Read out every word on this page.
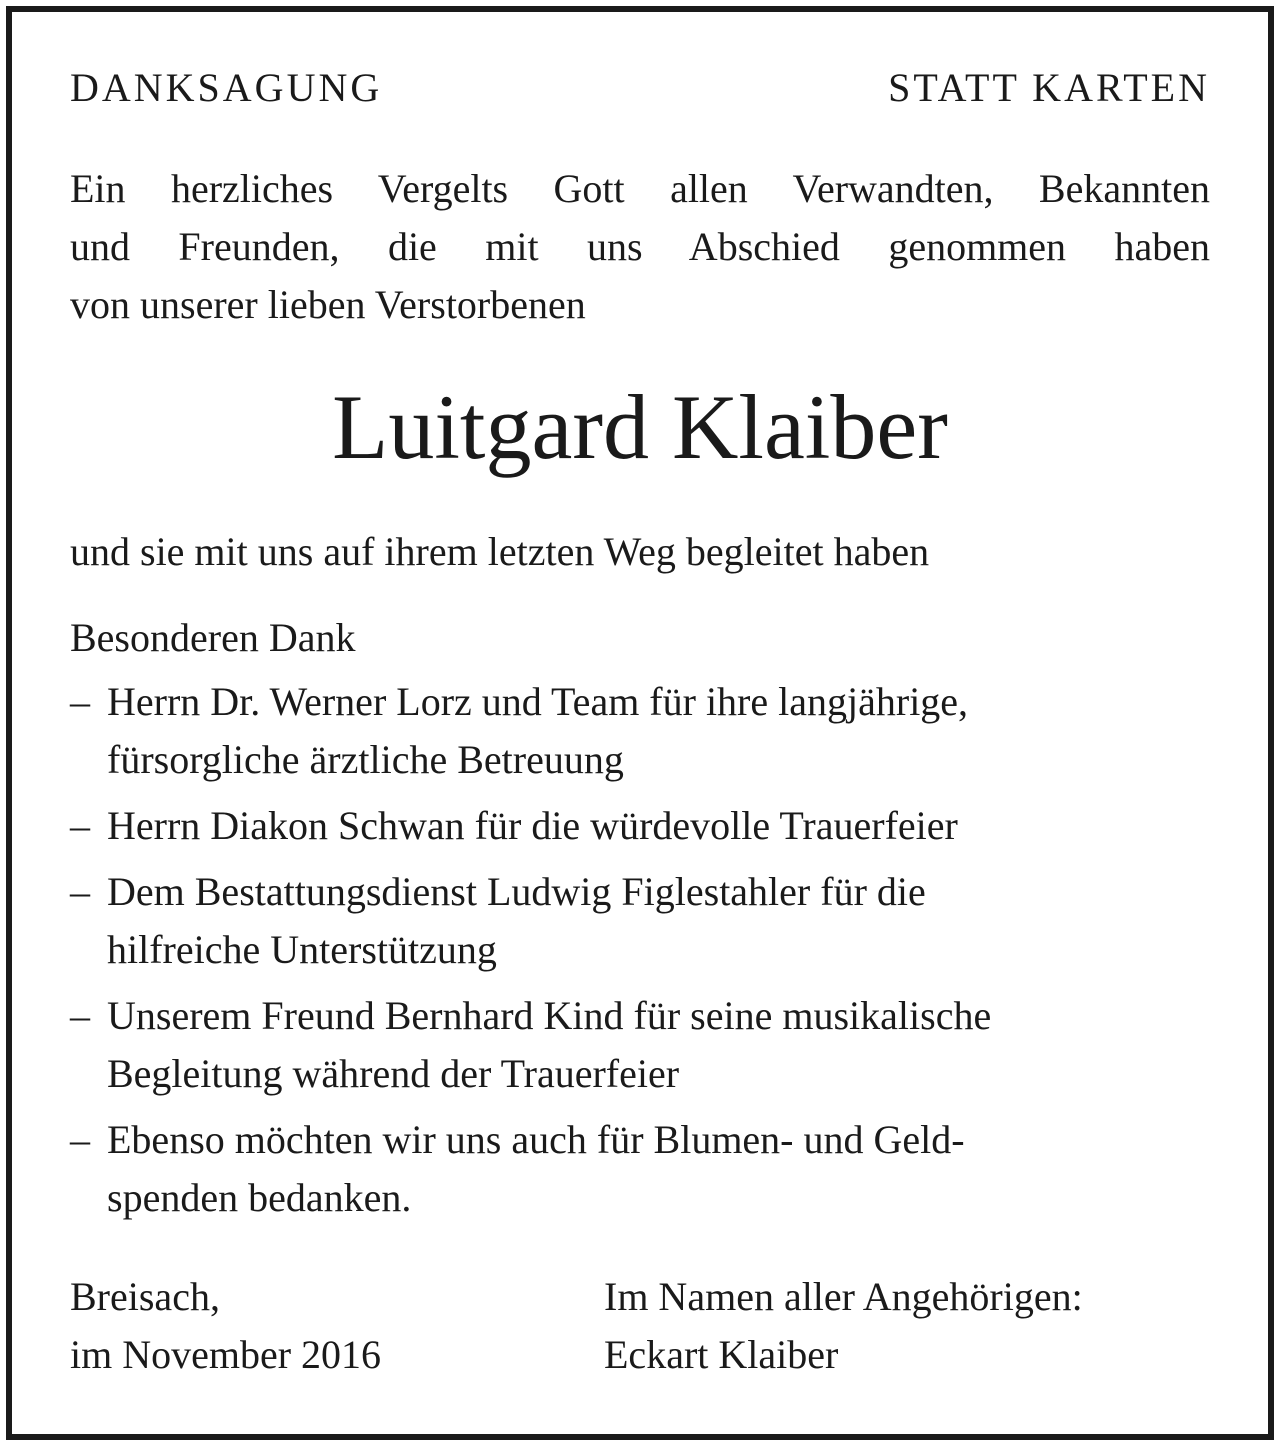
DANKSAGUNG	STATT KARTEN
Ein herzliches Vergelts Gott allen Verwandten, Bekannten
und Freunden, die mit uns Abschied genommen haben
von unserer lieben Verstorbenen
Luitgard Klaiber
und sie mit uns auf ihrem letzten Weg begleitet haben
Besonderen Dank
– Herrn Dr. Werner Lorz und Team für ihre langjährige,
fürsorgliche ärztliche Betreuung
– Herrn Diakon Schwan für die würdevolle Trauerfeier
– Dem Bestattungsdienst Ludwig Figlestahler für die
hilfreiche Unterstützung
– Unserem Freund Bernhard Kind für seine musikalische
Begleitung während der Trauerfeier
– Ebenso möchten wir uns auch für Blumen- und Geld-
spenden bedanken.
Breisach,
im November 2016
Im Namen aller Angehörigen:
Eckart Klaiber
